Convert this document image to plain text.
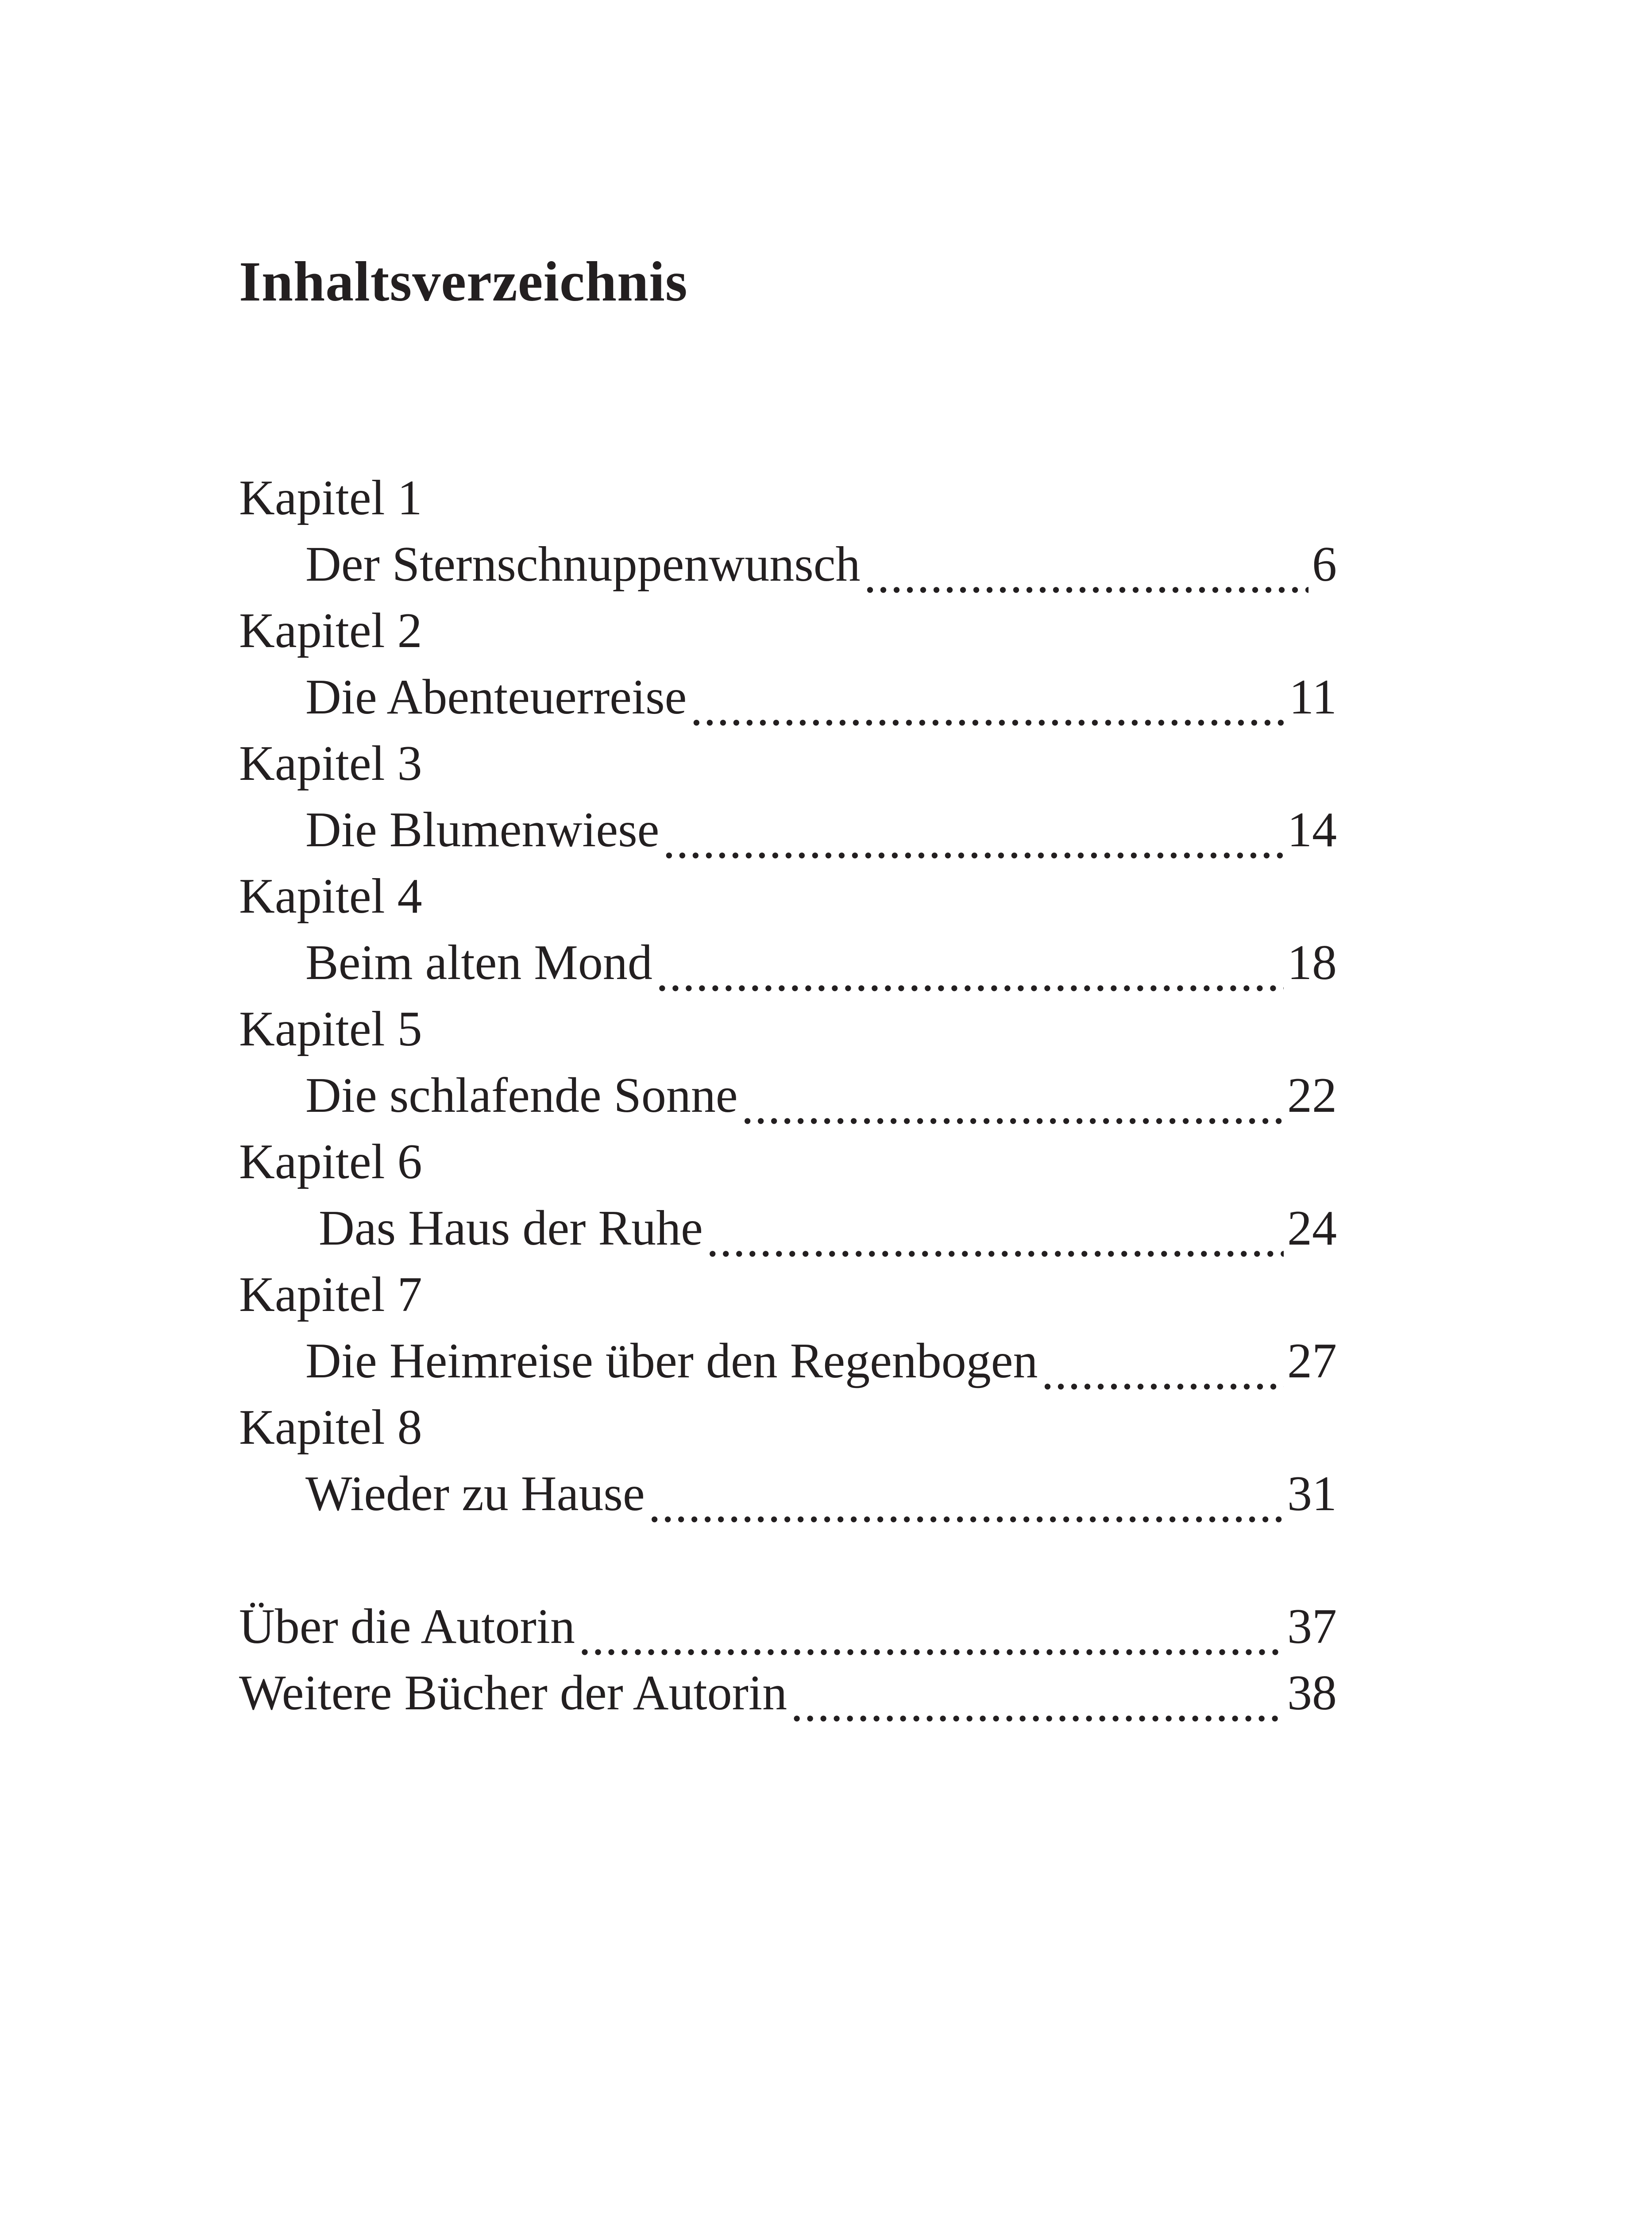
Inhaltsverzeichnis
Kapitel 1
Der Sternschnuppenwunsch .....	6
Kapitel 2
Die Abenteuerreise .....	11
Kapitel 3
Die Blumenwiese .....	14
Kapitel 4
Beim alten Mond .....	18
Kapitel 5
Die schlafende Sonne .....	22
Kapitel 6
Das Haus der Ruhe .....	24
Kapitel 7
Die Heimreise über den Regenbogen .....	27
Kapitel 8
Wieder zu Hause .....	31
Über die Autorin .....	37
Weitere Bücher der Autorin .....	38
